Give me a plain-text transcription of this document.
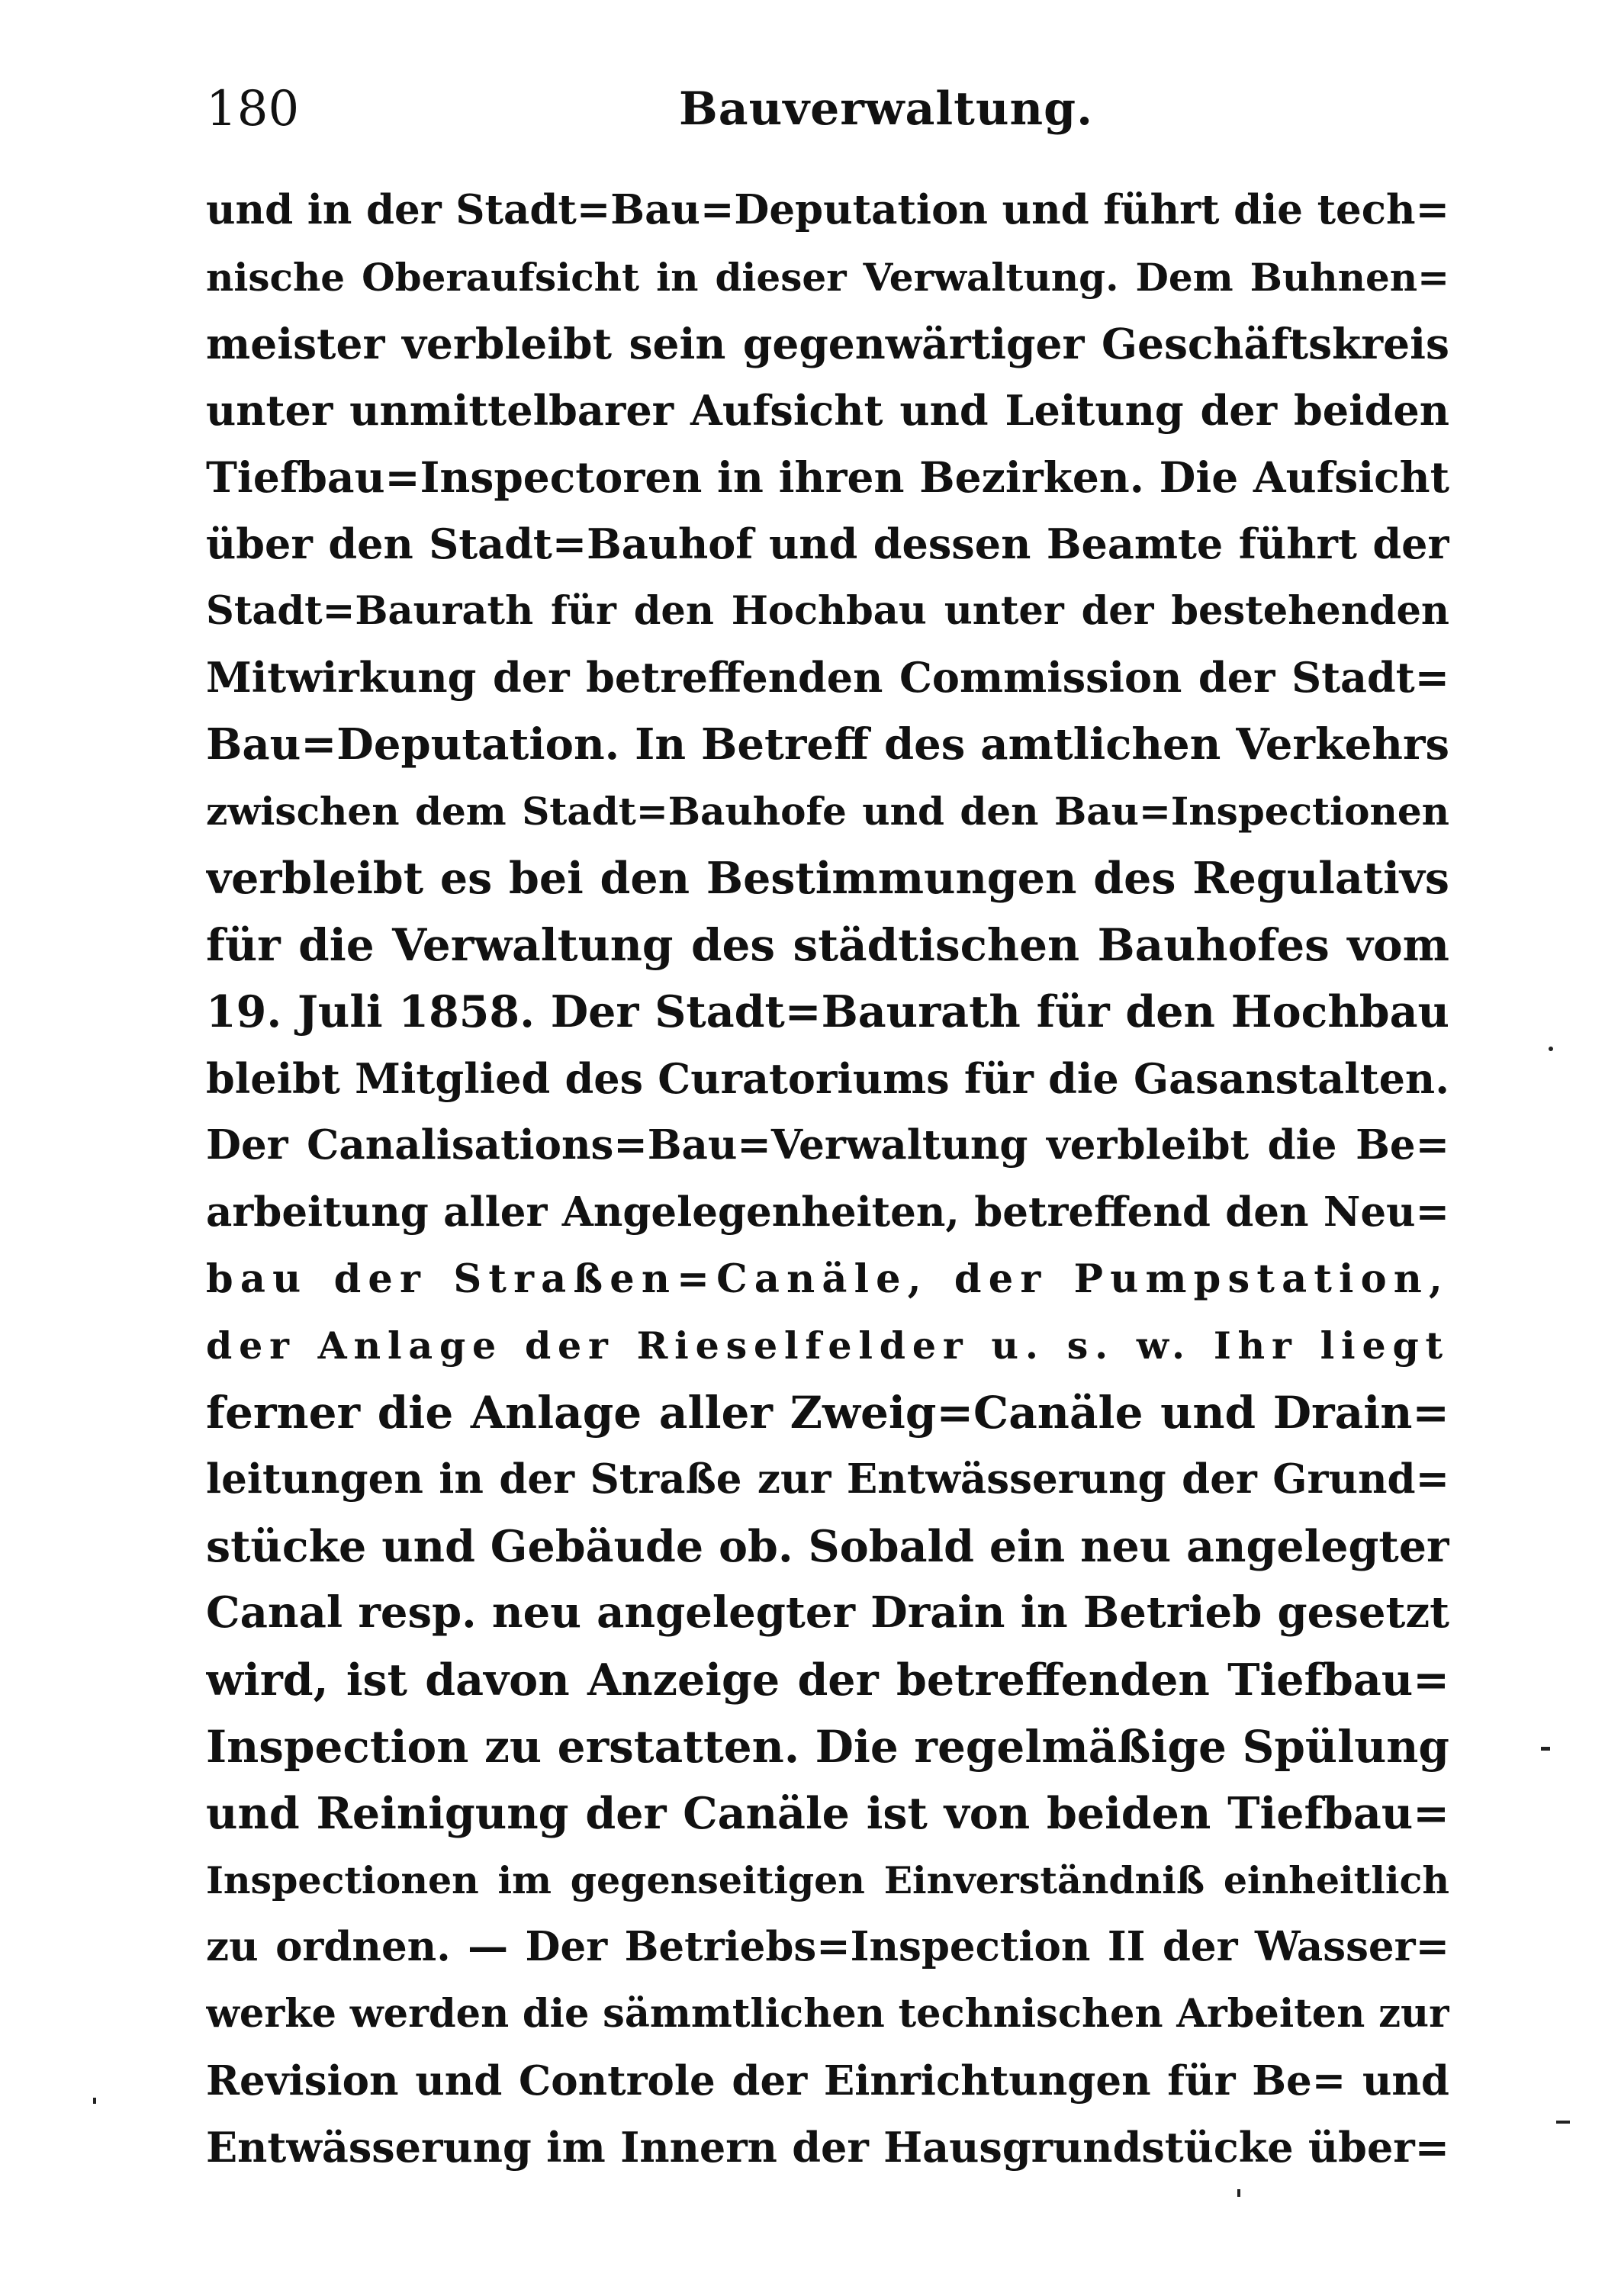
180	Bauverwaltung.
und in der Stadt=Bau=Deputation und führt die tech=
nische Oberaufsicht in dieser Verwaltung. Dem Buhnen=
meister verbleibt sein gegenwärtiger Geschäftskreis
unter unmittelbarer Aufsicht und Leitung der beiden
Tiefbau=Inspectoren in ihren Bezirken. Die Aufsicht
über den Stadt=Bauhof und dessen Beamte führt der
Stadt=Baurath für den Hochbau unter der bestehenden
Mitwirkung der betreffenden Commission der Stadt=
Bau=Deputation. In Betreff des amtlichen Verkehrs
zwischen dem Stadt=Bauhofe und den Bau=Inspectionen
verbleibt es bei den Bestimmungen des Regulativs
für die Verwaltung des städtischen Bauhofes vom
19. Juli 1858. Der Stadt=Baurath für den Hochbau
bleibt Mitglied des Curatoriums für die Gasanstalten.
Der Canalisations=Bau=Verwaltung verbleibt die Be=
arbeitung aller Angelegenheiten, betreffend den Neu=
bau der Straßen=Canäle, der Pumpstation,
der Anlage der Rieselfelder u. s. w. Ihr liegt
ferner die Anlage aller Zweig=Canäle und Drain=
leitungen in der Straße zur Entwässerung der Grund=
stücke und Gebäude ob. Sobald ein neu angelegter
Canal resp. neu angelegter Drain in Betrieb gesetzt
wird, ist davon Anzeige der betreffenden Tiefbau=
Inspection zu erstatten. Die regelmäßige Spülung
und Reinigung der Canäle ist von beiden Tiefbau=
Inspectionen im gegenseitigen Einverständniß einheitlich
zu ordnen. — Der Betriebs=Inspection II der Wasser=
werke werden die sämmtlichen technischen Arbeiten zur
Revision und Controle der Einrichtungen für Be= und
Entwässerung im Innern der Hausgrundstücke über=
